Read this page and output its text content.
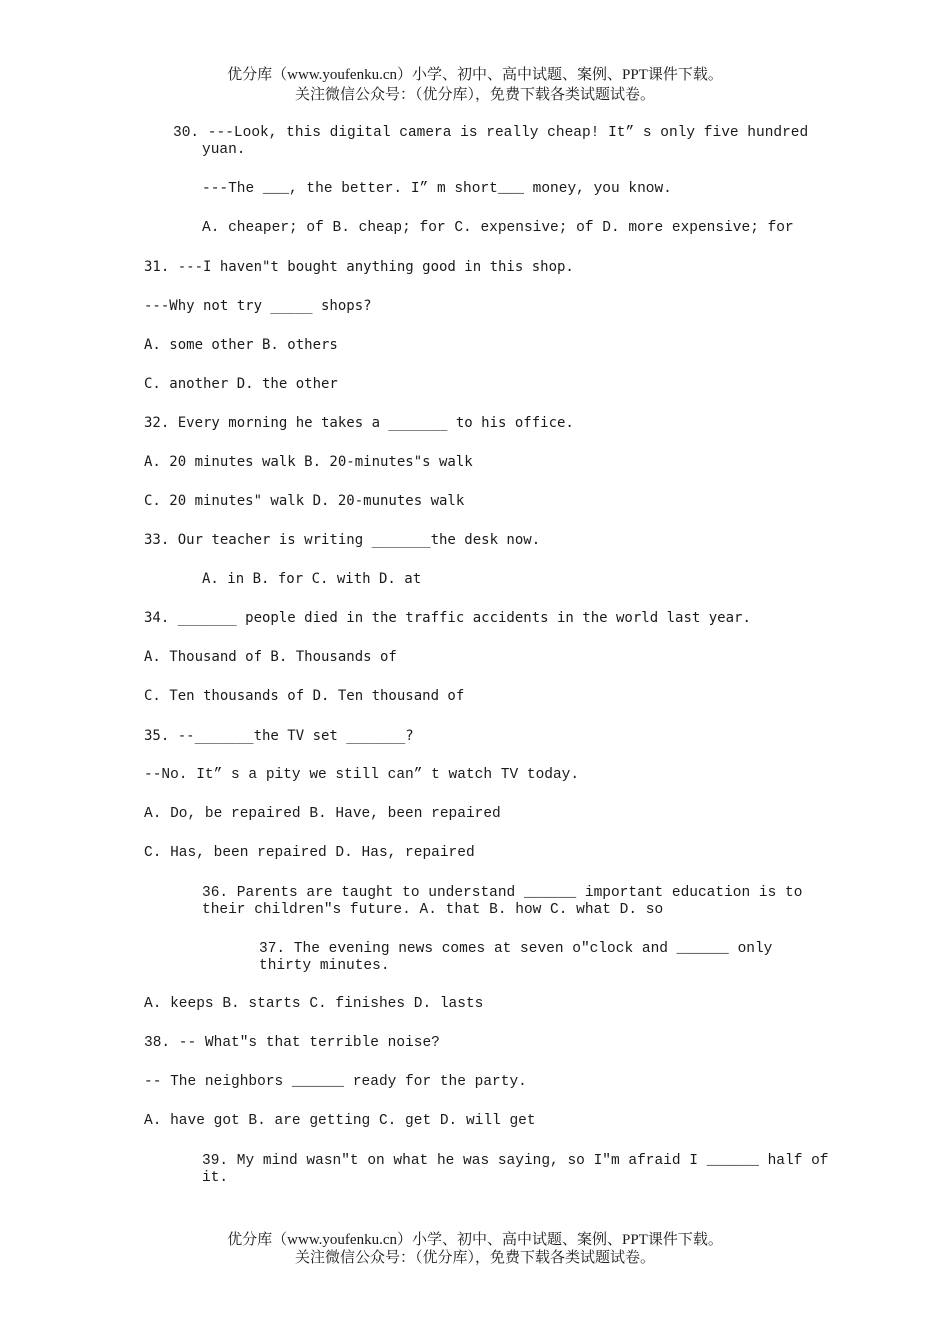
优分库（www.youfenku.cn）小学、初中、高中试题、案例、PPT课件下载。
关注微信公众号：（优分库），免费下载各类试题试卷。
30. ---Look, this digital camera is really cheap! It” s only five hundred
yuan.
---The ___, the better. I” m short___ money, you know.
A. cheaper; of B. cheap; for C. expensive; of D. more expensive; for
31. ---I haven"t bought anything good in this shop.
---Why not try _____ shops?
A. some other B. others
C. another D. the other
32. Every morning he takes a _______ to his office.
A. 20 minutes walk B. 20-minutes"s walk
C. 20 minutes" walk D. 20-munutes walk
33. Our teacher is writing _______the desk now.
A. in B. for C. with D. at
34. _______ people died in the traffic accidents in the world last year.
A. Thousand of B. Thousands of
C. Ten thousands of D. Ten thousand of
35. --_______the TV set _______?
--No. It” s a pity we still can” t watch TV today.
A. Do, be repaired B. Have, been repaired
C. Has, been repaired D. Has, repaired
36. Parents are taught to understand ______ important education is to
their children″s future. A. that B. how C. what D. so
37. The evening news comes at seven o″clock and ______ only
thirty minutes.
A. keeps B. starts C. finishes D. lasts
38. -- What″s that terrible noise?
-- The neighbors ______ ready for the party.
A. have got B. are getting C. get D. will get
39. My mind wasn″t on what he was saying, so I″m afraid I ______ half of
it.
优分库（www.youfenku.cn）小学、初中、高中试题、案例、PPT课件下载。
关注微信公众号：（优分库），免费下载各类试题试卷。
